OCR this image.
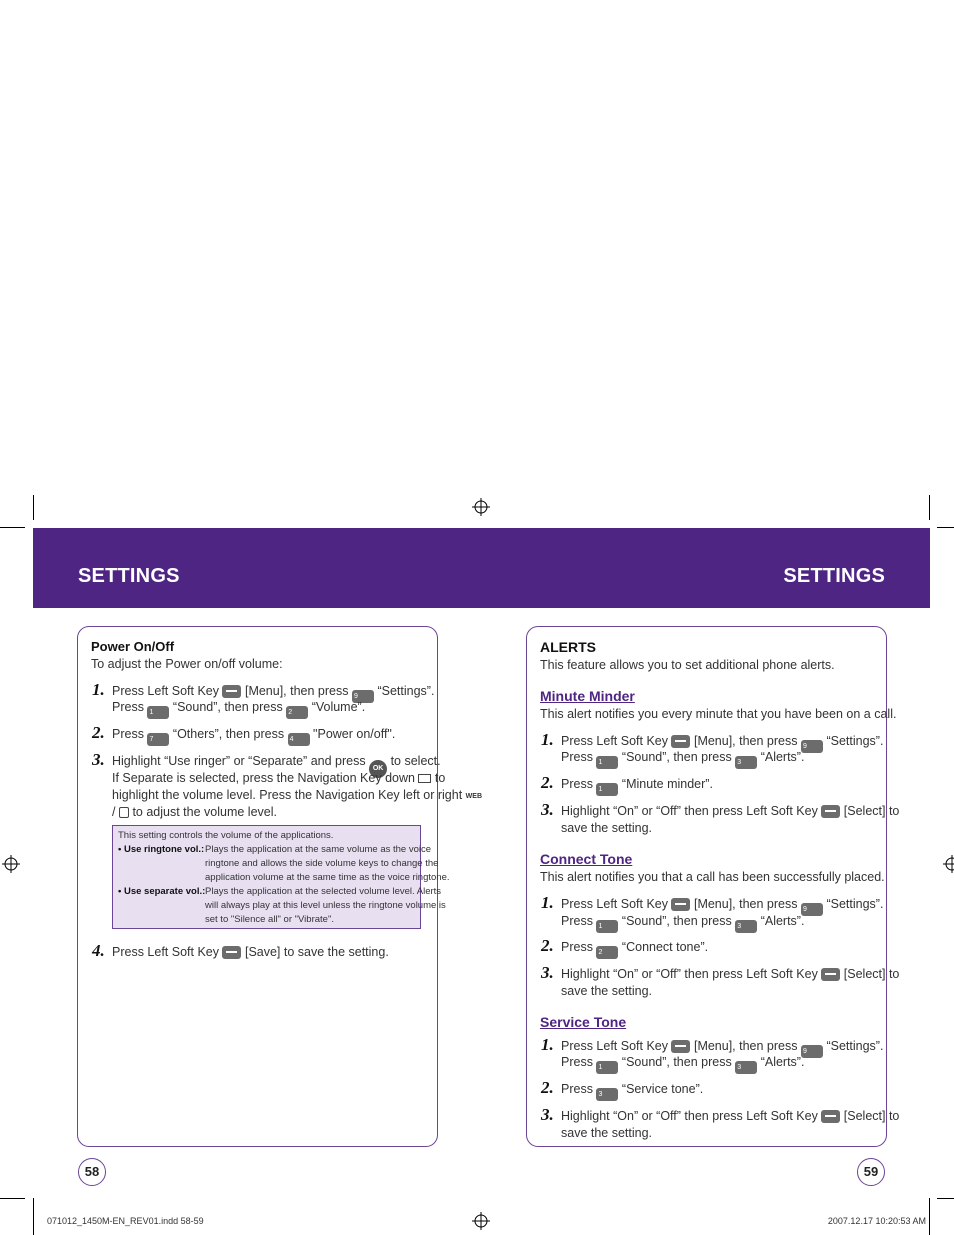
SETTINGS	SETTINGS
Power On/Off
To adjust the Power on/off volume:
1. Press Left Soft Key [Menu], then press 9 “Settings”.
Press 1 “Sound”, then press 2 “Volume”.
2. Press 7 “Others”, then press 4 "Power on/off".
3. Highlight “Use ringer” or “Separate” and press OK to select.
If Separate is selected, press the Navigation Key down to
highlight the volume level. Press the Navigation Key left or right WEB
/ to adjust the volume level.
This setting controls the volume of the applications.
• Use ringtone vol.: Plays the application at the same volume as the voice
ringtone and allows the side volume keys to change the
application volume at the same time as the voice ringtone.
• Use separate vol.: Plays the application at the selected volume level. Alerts
will always play at this level unless the ringtone volume is
set to "Silence all" or "Vibrate".
4. Press Left Soft Key [Save] to save the setting.
ALERTS
This feature allows you to set additional phone alerts.
Minute Minder
This alert notifies you every minute that you have been on a call.
1. Press Left Soft Key [Menu], then press 9 “Settings”.
Press 1 “Sound”, then press 3 “Alerts”.
2. Press 1 “Minute minder”.
3. Highlight “On” or “Off” then press Left Soft Key [Select] to
save the setting.
Connect Tone
This alert notifies you that a call has been successfully placed.
1. Press Left Soft Key [Menu], then press 9 “Settings”.
Press 1 “Sound”, then press 3 “Alerts”.
2. Press 2 “Connect tone”.
3. Highlight “On” or “Off” then press Left Soft Key [Select] to
save the setting.
Service Tone
1. Press Left Soft Key [Menu], then press 9 “Settings”.
Press 1 “Sound”, then press 3 “Alerts”.
2. Press 3 “Service tone”.
3. Highlight “On” or “Off” then press Left Soft Key [Select] to
save the setting.
58	59
071012_1450M-EN_REV01.indd 58-59	2007.12.17 10:20:53 AM
